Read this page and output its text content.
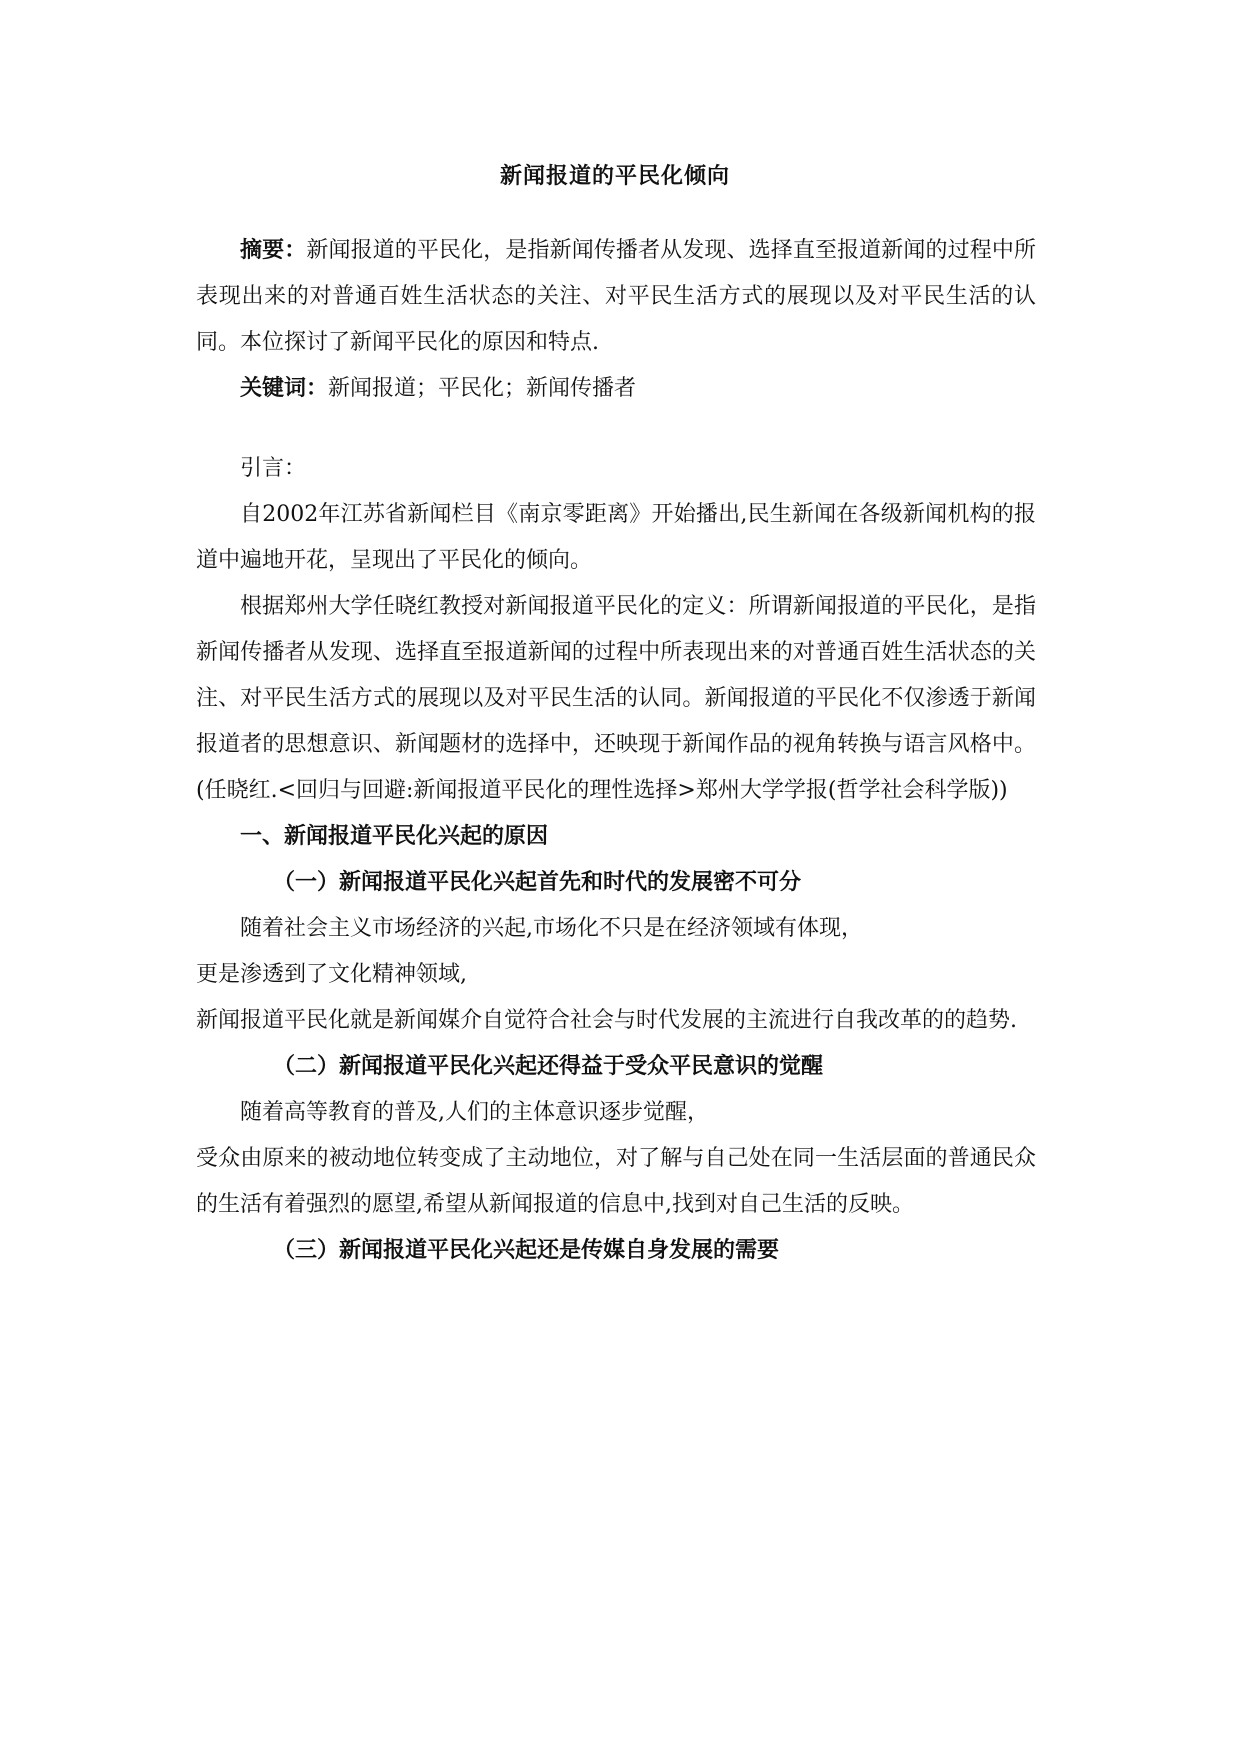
新闻报道的平民化倾向

摘要：新闻报道的平民化，是指新闻传播者从发现、选择直至报道新闻的过程中所表现出来的对普通百姓生活状态的关注、对平民生活方式的展现以及对平民生活的认同。本位探讨了新闻平民化的原因和特点.

关键词：新闻报道；平民化；新闻传播者

引言：

自2002年江苏省新闻栏目《南京零距离》开始播出,民生新闻在各级新闻机构的报道中遍地开花，呈现出了平民化的倾向。

根据郑州大学任晓红教授对新闻报道平民化的定义：所谓新闻报道的平民化，是指新闻传播者从发现、选择直至报道新闻的过程中所表现出来的对普通百姓生活状态的关注、对平民生活方式的展现以及对平民生活的认同。新闻报道的平民化不仅渗透于新闻报道者的思想意识、新闻题材的选择中，还映现于新闻作品的视角转换与语言风格中。(任晓红.<回归与回避:新闻报道平民化的理性选择>郑州大学学报(哲学社会科学版))

一、新闻报道平民化兴起的原因

（一）新闻报道平民化兴起首先和时代的发展密不可分

随着社会主义市场经济的兴起,市场化不只是在经济领域有体现，

更是渗透到了文化精神领域,

新闻报道平民化就是新闻媒介自觉符合社会与时代发展的主流进行自我改革的的趋势.

（二）新闻报道平民化兴起还得益于受众平民意识的觉醒

随着高等教育的普及,人们的主体意识逐步觉醒，

受众由原来的被动地位转变成了主动地位，对了解与自己处在同一生活层面的普通民众的生活有着强烈的愿望,希望从新闻报道的信息中,找到对自己生活的反映。

（三）新闻报道平民化兴起还是传媒自身发展的需要
